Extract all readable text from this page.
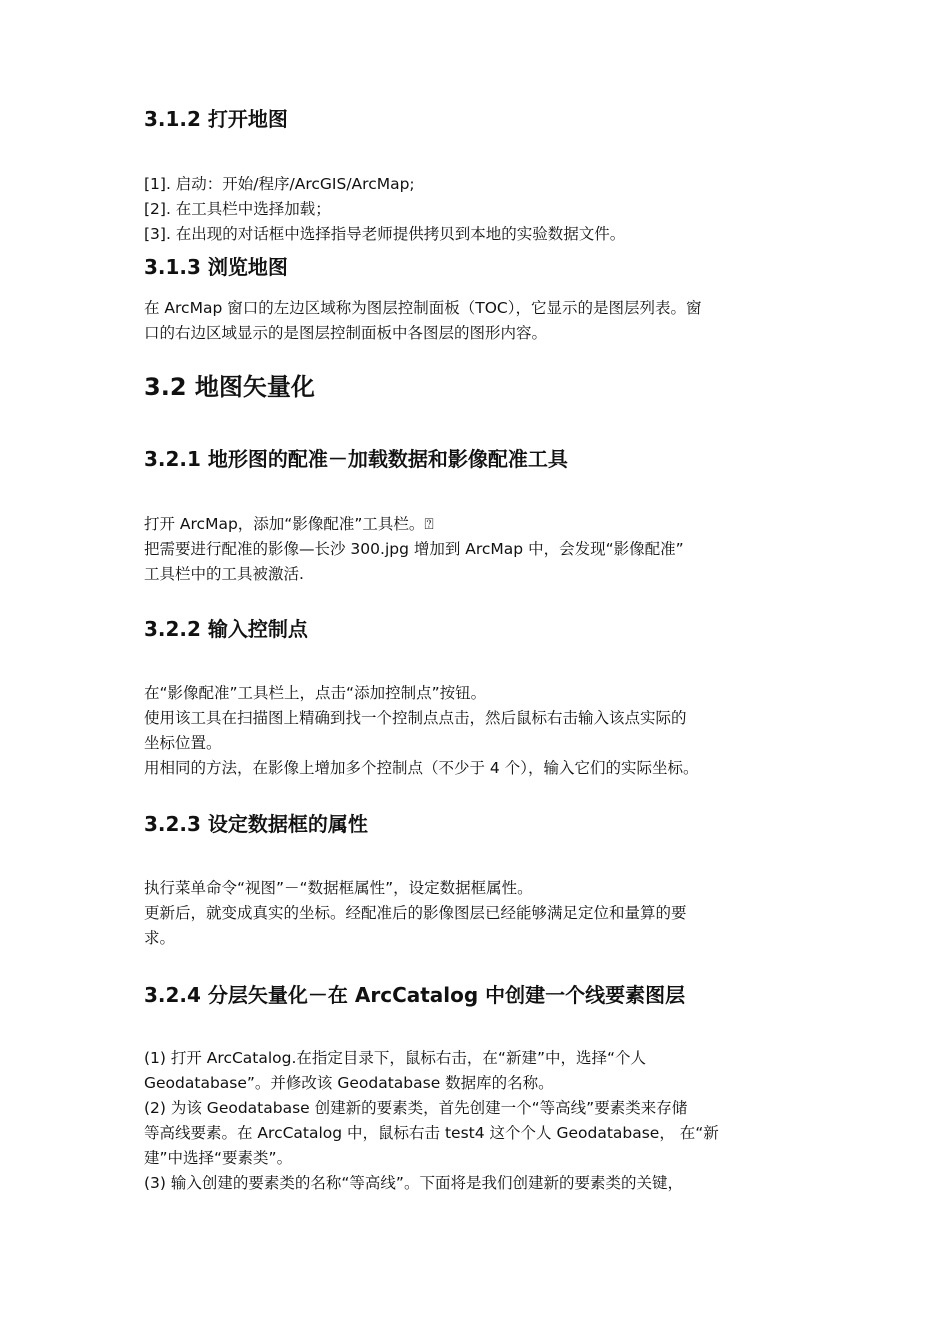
3.1.2 打开地图
[1]. 启动：开始/程序/ArcGIS/ArcMap;
[2]. 在工具栏中选择加载；
[3]. 在出现的对话框中选择指导老师提供拷贝到本地的实验数据文件。
3.1.3 浏览地图
在 ArcMap 窗口的左边区域称为图层控制面板（TOC），它显示的是图层列表。窗
口的右边区域显示的是图层控制面板中各图层的图形内容。
3.2 地图矢量化
3.2.1 地形图的配准－加载数据和影像配准工具
打开 ArcMap，添加“影像配准”工具栏。⍰
把需要进行配准的影像—长沙 300.jpg 增加到 ArcMap 中，会发现“影像配准”
工具栏中的工具被激活.
3.2.2 输入控制点
在“影像配准”工具栏上，点击“添加控制点”按钮。
使用该工具在扫描图上精确到找一个控制点点击，然后鼠标右击输入该点实际的
坐标位置。
用相同的方法，在影像上增加多个控制点（不少于 4 个），输入它们的实际坐标。
3.2.3 设定数据框的属性
执行菜单命令“视图”－“数据框属性”，设定数据框属性。
更新后，就变成真实的坐标。经配准后的影像图层已经能够满足定位和量算的要
求。
3.2.4 分层矢量化－在 ArcCatalog 中创建一个线要素图层
(1) 打开 ArcCatalog.在指定目录下，鼠标右击，在“新建”中，选择“个人
Geodatabase”。并修改该 Geodatabase 数据库的名称。
(2) 为该 Geodatabase 创建新的要素类，首先创建一个“等高线”要素类来存储
等高线要素。在 ArcCatalog 中，鼠标右击 test4 这个个人 Geodatabase， 在“新
建”中选择“要素类”。
(3) 输入创建的要素类的名称“等高线”。下面将是我们创建新的要素类的关键，
